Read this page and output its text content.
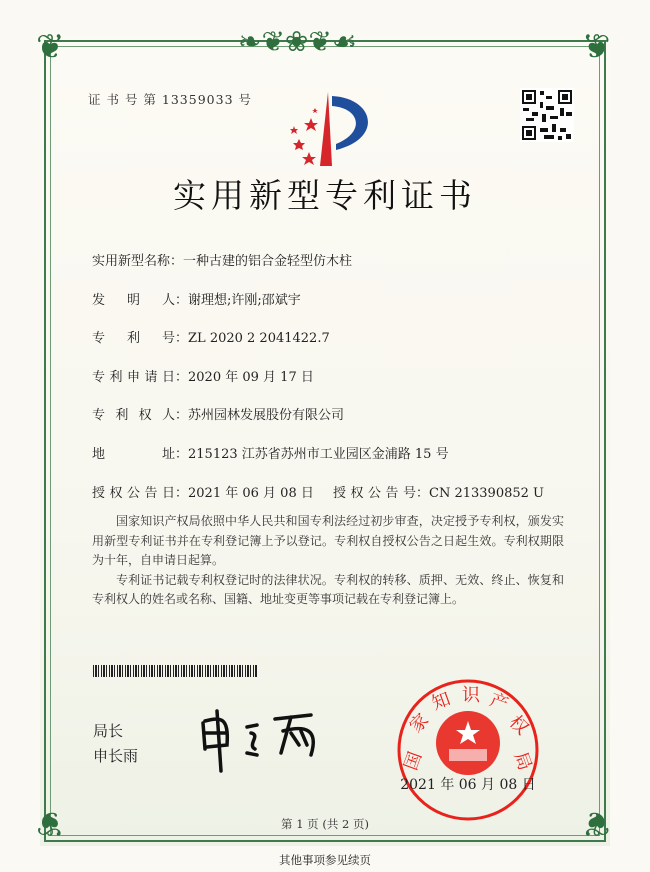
❦	❦
❦	❦
❧❦❀❦☙
证 书 号 第 13359033 号
实用新型专利证书
实用新型名称：一种古建的铝合金轻型仿木柱
发明人：谢理想;许刚;邵斌宇
专利号：ZL 2020 2 2041422.7
专利申请日：2020 年 09 月 17 日
专利权人：苏州园林发展股份有限公司
地址：215123 江苏省苏州市工业园区金浦路 15 号
授权公告日：2021 年 06 月 08 日 授权公告号：CN 213390852 U

国家知识产权局依照中华人民共和国专利法经过初步审查，决定授予专利权，颁发实用新型专利证书并在专利登记簿上予以登记。专利权自授权公告之日起生效。专利权期限为十年，自申请日起算。

专利证书记载专利权登记时的法律状况。专利权的转移、质押、无效、终止、恢复和专利权人的姓名或名称、国籍、地址变更等事项记载在专利登记簿上。

局长
申长雨	国
家
知 识 产
权
局
2021 年 06 月 08 日
第 1 页 (共 2 页)
其他事项参见续页
